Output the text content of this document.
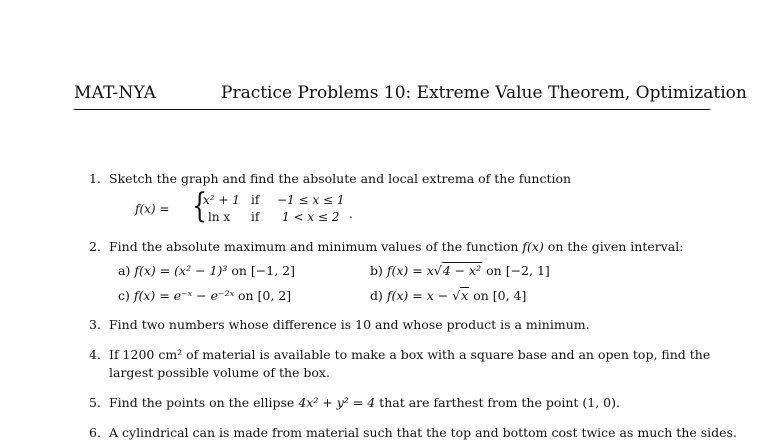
MAT-NYA	Practice Problems 10: Extreme Value Theorem, Optimization
1. Sketch the graph and find the absolute and local extrema of the function
f(x) = {
x² + 1 if −1 ≤ x ≤ 1
ln x if 1 < x ≤ 2 .
2. Find the absolute maximum and minimum values of the function f(x) on the given interval:
a) f(x) = (x² − 1)³ on [−1, 2]	b) f(x) = x√4 − x² on [−2, 1]
c) f(x) = e⁻ˣ − e⁻²ˣ on [0, 2]	d) f(x) = x − √x on [0, 4]
3. Find two numbers whose difference is 10 and whose product is a minimum.
4. If 1200 cm² of material is available to make a box with a square base and an open top, find the
largest possible volume of the box.
5. Find the points on the ellipse 4x² + y² = 4 that are farthest from the point (1, 0).
6. A cylindrical can is made from material such that the top and bottom cost twice as much the sides.
